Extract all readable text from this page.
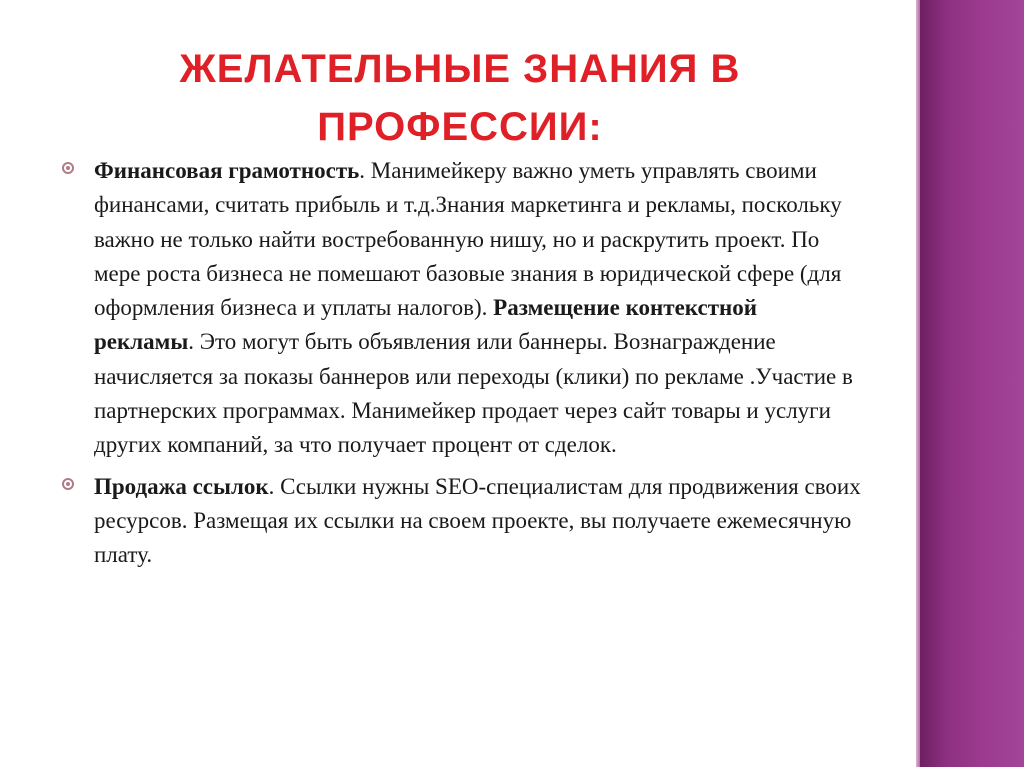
ЖЕЛАТЕЛЬНЫЕ ЗНАНИЯ В
ПРОФЕССИИ:
Финансовая грамотность. Манимейкеру важно уметь управлять своими финансами, считать прибыль и т.д.Знания маркетинга и рекламы, поскольку важно не только найти востребованную нишу, но и раскрутить проект. По мере роста бизнеса не помешают базовые знания в юридической сфере (для оформления бизнеса и уплаты налогов). Размещение контекстной рекламы. Это могут быть объявления или баннеры. Вознаграждение начисляется за показы баннеров или переходы (клики) по рекламе .Участие в партнерских программах. Манимейкер продает через сайт товары и услуги других компаний, за что получает процент от сделок.
Продажа ссылок. Ссылки нужны SEO-специалистам для продвижения своих ресурсов. Размещая их ссылки на своем проекте, вы получаете ежемесячную плату.
